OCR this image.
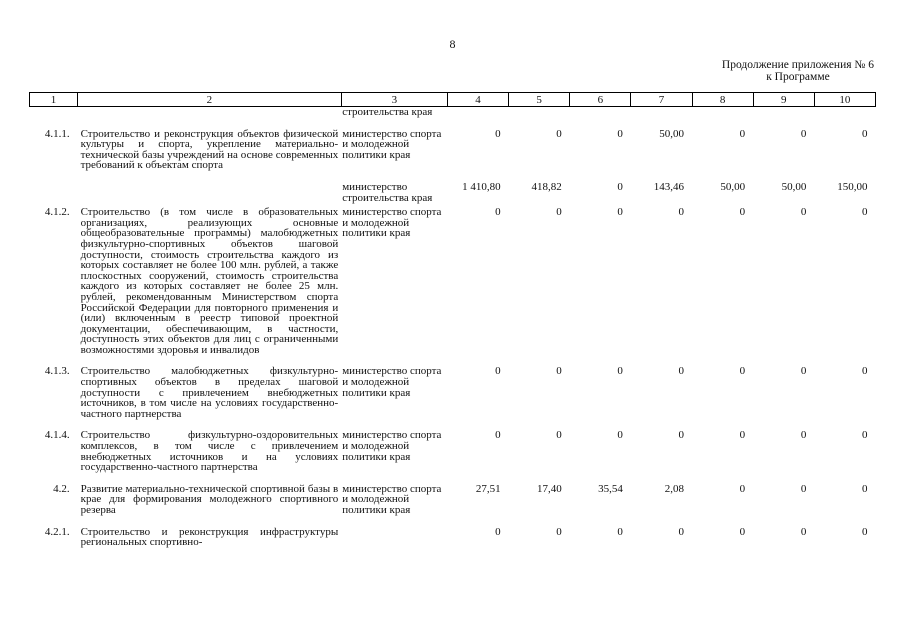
8
Продолжение приложения № 6
к Программе
1	2	3	4	5	6	7	8	9	10
		строительства края							
4.1.1.	Строительство и реконструкция объектов физической культуры и спорта, укрепление материально-технической базы учреждений на основе современных требований к объектам спорта	министерство спорта и молодежной политики края	0	0	0	50,00	0	0	0
		министерство строительства края	1 410,80	418,82	0	143,46	50,00	50,00	150,00
4.1.2.	Строительство (в том числе в образовательных организациях, реализующих основные общеобразовательные программы) малобюджетных физкультурно-спортивных объектов шаговой доступности, стоимость строительства каждого из которых составляет не более 100 млн. рублей, а также плоскостных сооружений, стоимость строительства каждого из которых составляет не более 25 млн. рублей, рекомендованным Министерством спорта Российской Федерации для повторного применения и (или) включенным в реестр типовой проектной документации, обеспечивающим, в частности, доступность этих объектов для лиц с ограниченными возможностями здоровья и инвалидов	министерство спорта и молодежной политики края	0	0	0	0	0	0	0
4.1.3.	Строительство малобюджетных физкультурно-спортивных объектов в пределах шаговой доступности с привлечением внебюджетных источников, в том числе на условиях государственно-частного партнерства	министерство спорта и молодежной политики края	0	0	0	0	0	0	0
4.1.4.	Строительство физкультурно-оздоровительных комплексов, в том числе с привлечением внебюджетных источников и на условиях государственно-частного партнерства	министерство спорта и молодежной политики края	0	0	0	0	0	0	0
4.2.	Развитие материально-технической спортивной базы в крае для формирования молодежного спортивного резерва	министерство спорта и молодежной политики края	27,51	17,40	35,54	2,08	0	0	0
4.2.1.	Строительство и реконструкция инфраструктуры региональных спортивно-		0	0	0	0	0	0	0
